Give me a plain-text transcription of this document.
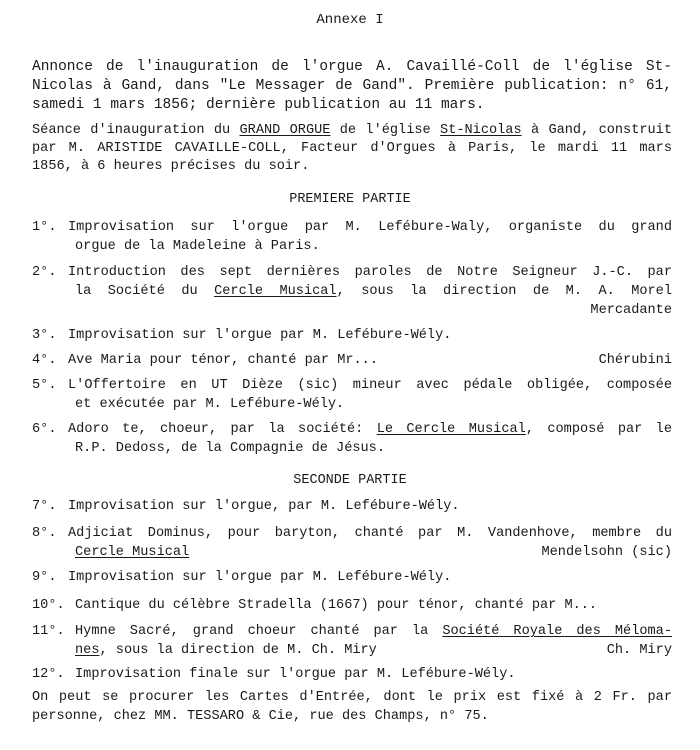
Annexe I
Annonce de l'inauguration de l'orgue A. Cavaillé-Coll de l'église St-Nicolas à Gand, dans "Le Messager de Gand". Première publication: n° 61, samedi 1 mars 1856; dernière publication au 11 mars.
Séance d'inauguration du GRAND ORGUE de l'église St-Nicolas à Gand, construit par M. ARISTIDE CAVAILLE-COLL, Facteur d'Orgues à Paris, le mardi 11 mars 1856, à 6 heures précises du soir.
PREMIERE PARTIE
1°. Improvisation sur l'orgue par M. Lefébure-Waly, organiste du grand
orgue de la Madeleine à Paris.
2°. Introduction des sept dernières paroles de Notre Seigneur J.-C. par
la Société du Cercle Musical, sous la direction de M. A. Morel
Mercadante
3°. Improvisation sur l'orgue par M. Lefébure-Wély.
4°. Ave Maria pour ténor, chanté par Mr...	Chérubini
5°. L'Offertoire en UT Dièze (sic) mineur avec pédale obligée, composée
et exécutée par M. Lefébure-Wély.
6°. Adoro te, choeur, par la société: Le Cercle Musical, composé par le
R.P. Dedoss, de la Compagnie de Jésus.
SECONDE PARTIE
7°. Improvisation sur l'orgue, par M. Lefébure-Wély.
8°. Adjiciat Dominus, pour baryton, chanté par M. Vandenhove, membre du
Cercle Musical	Mendelsohn (sic)
9°. Improvisation sur l'orgue par M. Lefébure-Wély.
10°. Cantique du célèbre Stradella (1667) pour ténor, chanté par M...
11°. Hymne Sacré, grand choeur chanté par la Société Royale des Méloma-
nes, sous la direction de M. Ch. Miry	Ch. Miry
12°. Improvisation finale sur l'orgue par M. Lefébure-Wély.
On peut se procurer les Cartes d'Entrée, dont le prix est fixé à 2 Fr. par personne, chez MM. TESSARO & Cie, rue des Champs, n° 75.
